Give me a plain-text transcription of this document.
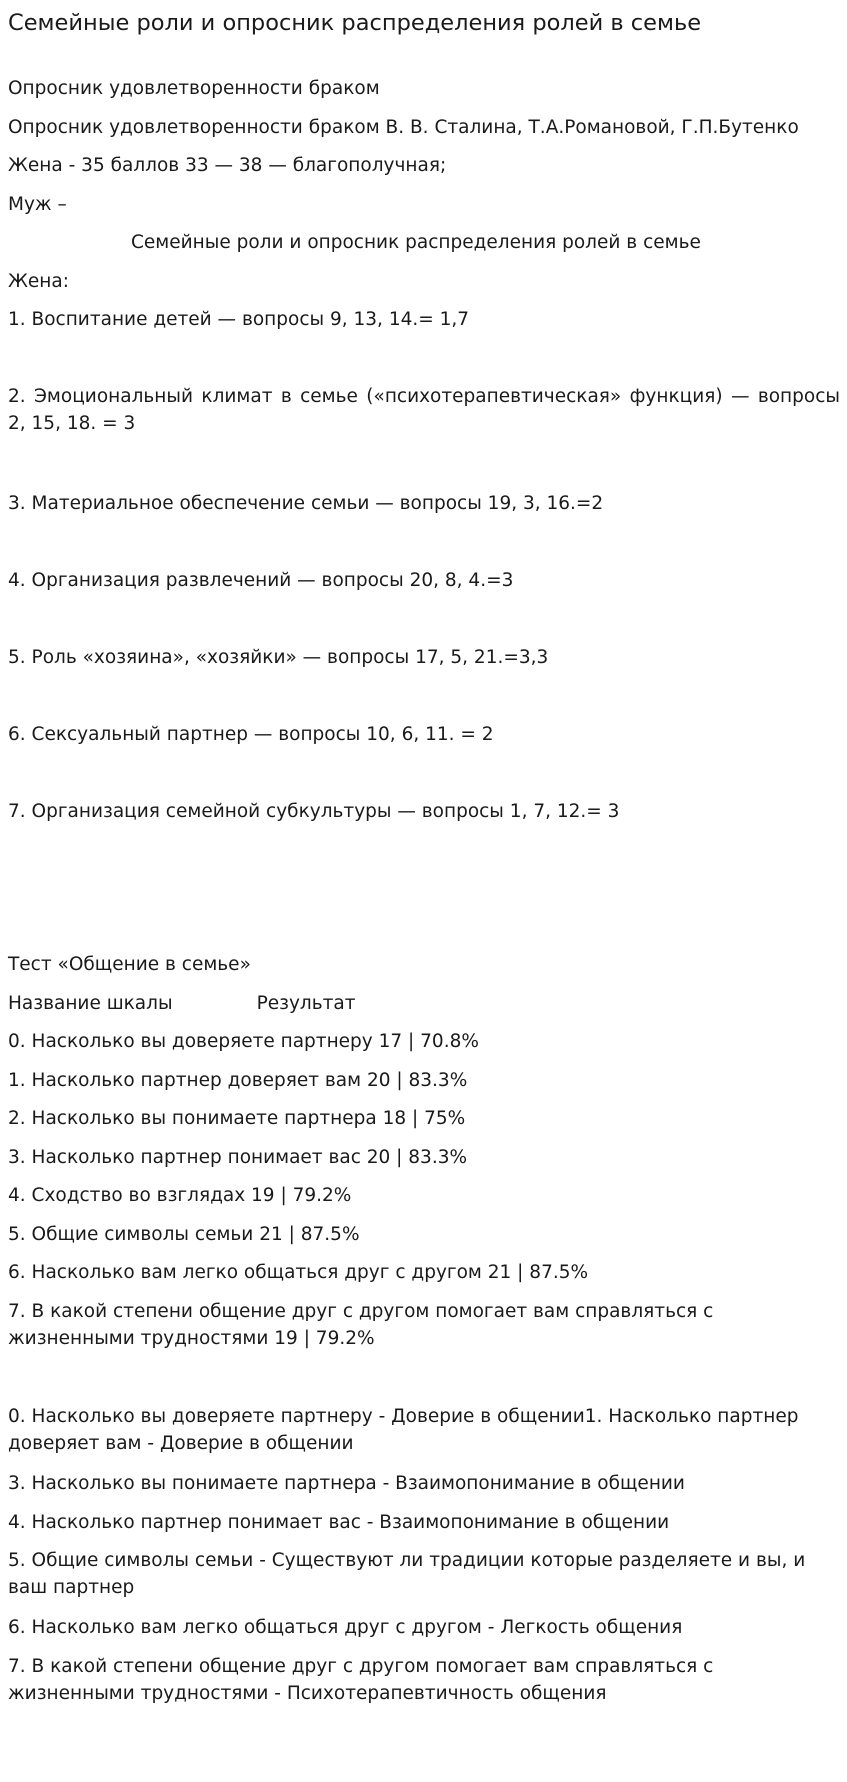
Семейные роли и опросник распределения ролей в семье

Опросник удовлетворенности браком

Опросник удовлетворенности браком В. В. Сталина, Т.А.Романовой, Г.П.Бутенко

Жена - 35 баллов 33 — 38 — благополучная;

Муж –

Семейные роли и опросник распределения ролей в семье

Жена:

1. Воспитание детей — вопросы 9, 13, 14.= 1,7

2. Эмоциональный климат в семье («психотерапевтическая» функция) — вопросы 2, 15, 18. = 3

3. Материальное обеспечение семьи — вопросы 19, 3, 16.=2

4. Организация развлечений — вопросы 20, 8, 4.=3

5. Роль «хозяина», «хозяйки» — вопросы 17, 5, 21.=3,3

6. Сексуальный партнер — вопросы 10, 6, 11. = 2

7. Организация семейной субкультуры — вопросы 1, 7, 12.= 3

Тест «Общение в семье»

Название шкалы	Результат

0. Насколько вы доверяете партнеру 17 | 70.8%

1. Насколько партнер доверяет вам 20 | 83.3%

2. Насколько вы понимаете партнера 18 | 75%

3. Насколько партнер понимает вас 20 | 83.3%

4. Сходство во взглядах 19 | 79.2%

5. Общие символы семьи 21 | 87.5%

6. Насколько вам легко общаться друг с другом 21 | 87.5%

7. В какой степени общение друг с другом помогает вам справляться с жизненными трудностями 19 | 79.2%

0. Насколько вы доверяете партнеру - Доверие в общении1. Насколько партнер доверяет вам - Доверие в общении

3. Насколько вы понимаете партнера - Взаимопонимание в общении

4. Насколько партнер понимает вас - Взаимопонимание в общении

5. Общие символы семьи - Существуют ли традиции которые разделяете и вы, и ваш партнер

6. Насколько вам легко общаться друг с другом - Легкость общения

7. В какой степени общение друг с другом помогает вам справляться с жизненными трудностями - Психотерапевтичность общения
